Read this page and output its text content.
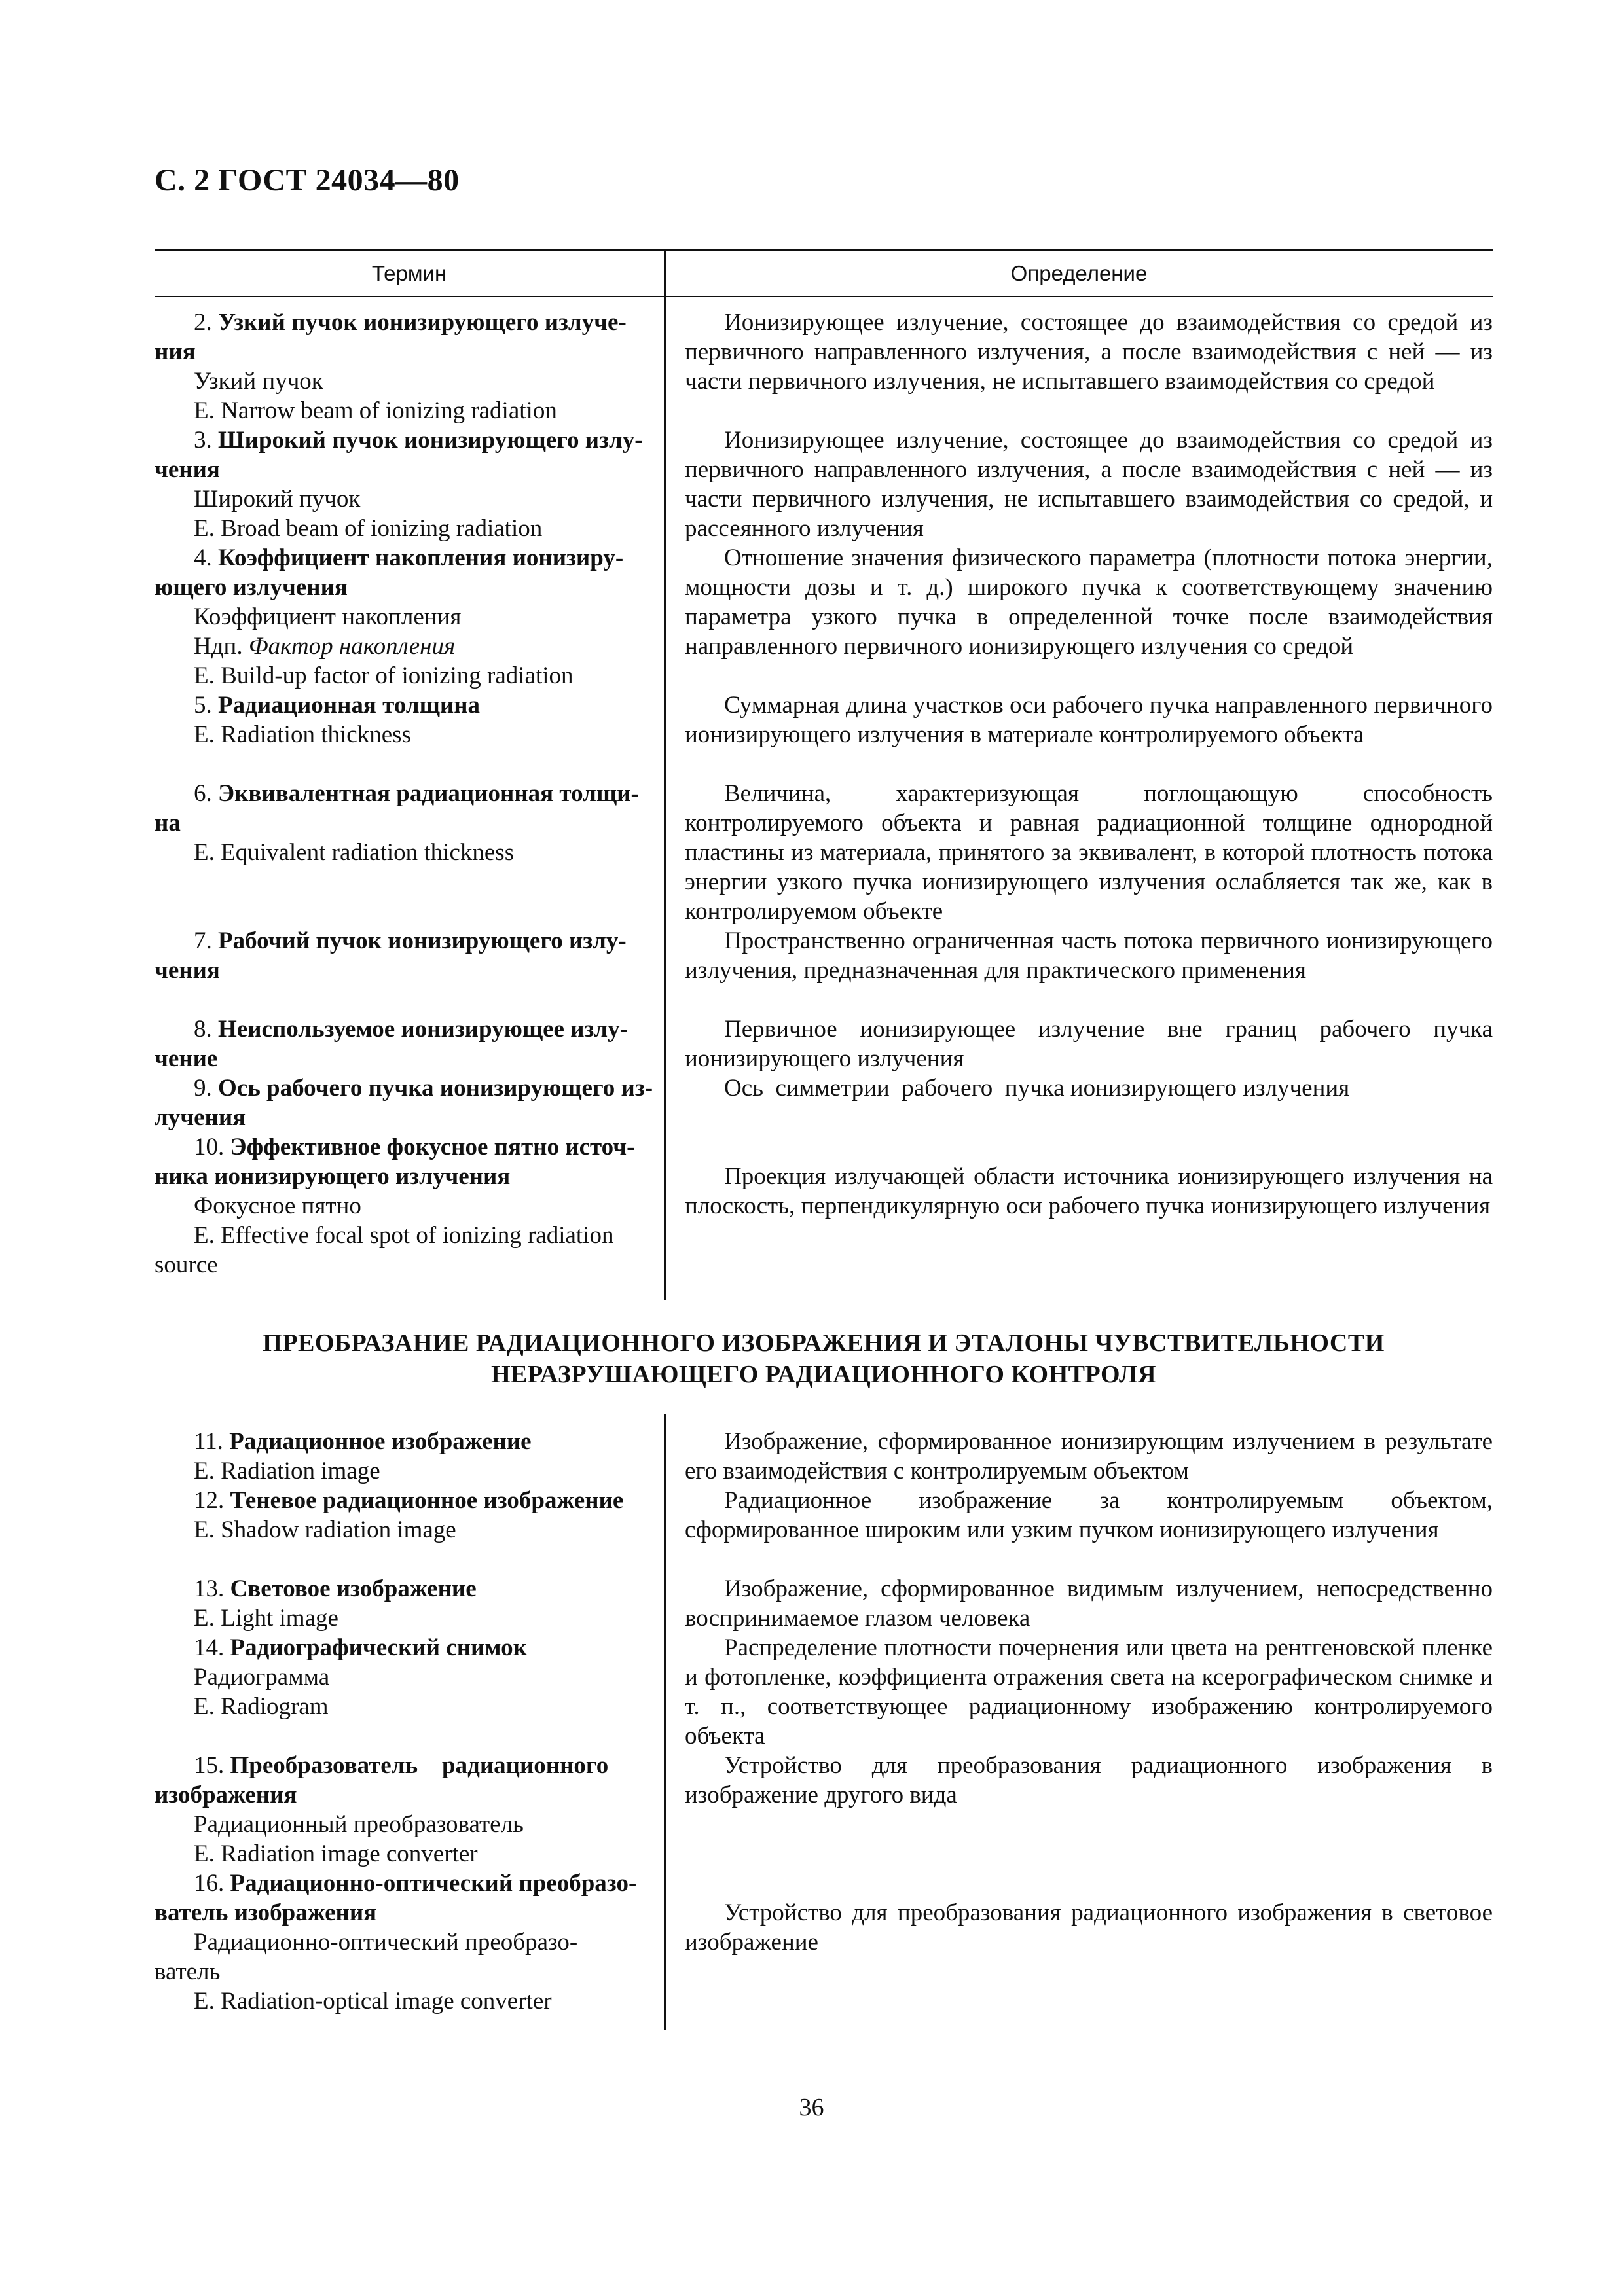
С. 2 ГОСТ 24034—80
Термин	Определение
2. Узкий пучок ионизирующего излуче-
ния
Узкий пучок
E. Narrow beam of ionizing radiation
Ионизирующее излучение, состоящее до взаимодействия со средой из первичного направленного излучения, а после взаимодействия с ней — из части первичного излучения, не испытавшего взаимодействия со средой
3. Широкий пучок ионизирующего излу-
чения
Широкий пучок
E. Broad beam of ionizing radiation
Ионизирующее излучение, состоящее до взаимодействия со средой из первичного направленного излучения, а после взаимодействия с ней — из части первичного излучения, не испытавшего взаимодействия со средой, и рассеянного излучения
4. Коэффициент накопления ионизиру-
ющего излучения
Коэффициент накопления
Ндп. Фактор накопления
E. Build-up factor of ionizing radiation
Отношение значения физического параметра (плотности потока энергии, мощности дозы и т. д.) широкого пучка к соответствующему значению параметра узкого пучка в определенной точке после взаимодействия направленного первичного ионизирующего излучения со средой
5. Радиационная толщина
E. Radiation thickness
Суммарная длина участков оси рабочего пучка направленного первичного ионизирующего излучения в материале контролируемого объекта
6. Эквивалентная радиационная толщи-
на
E. Equivalent radiation thickness
Величина, характеризующая поглощающую способность контролируемого объекта и равная радиационной толщине однородной пластины из материала, принятого за эквивалент, в которой плотность потока энергии узкого пучка ионизирующего излучения ослабляется так же, как в контролируемом объекте
7. Рабочий пучок ионизирующего излу-
чения
Пространственно ограниченная часть потока первичного ионизирующего излучения, предназначенная для практического применения
8. Неиспользуемое ионизирующее излу-
чение
Первичное ионизирующее излучение вне границ рабочего пучка ионизирующего излучения
9. Ось рабочего пучка ионизирующего из-
лучения
Ось  симметрии  рабочего  пучка ионизирующего излучения
10. Эффективное фокусное пятно источ-
ника ионизирующего излучения
Фокусное пятно
E. Effective focal spot of ionizing radiation
source
Проекция излучающей области источника ионизирующего излучения на плоскость, перпендикулярную оси рабочего пучка ионизирующего излучения
ПРЕОБРАЗАНИЕ РАДИАЦИОННОГО ИЗОБРАЖЕНИЯ И ЭТАЛОНЫ ЧУВСТВИТЕЛЬНОСТИ
НЕРАЗРУШАЮЩЕГО РАДИАЦИОННОГО КОНТРОЛЯ
11. Радиационное изображение
E. Radiation image
Изображение, сформированное ионизирующим излучением в результате его взаимодействия с контролируемым объектом
12. Теневое радиационное изображение
E. Shadow radiation image
Радиационное изображение за контролируемым объектом, сформированное широким или узким пучком ионизирующего излучения
13. Световое изображение
E. Light image
Изображение, сформированное видимым излучением, непосредственно воспринимаемое глазом человека
14. Радиографический снимок
Радиограмма
E. Radiogram
Распределение плотности почернения или цвета на рентгеновской пленке и фотопленке, коэффициента отражения света на ксерографическом снимке и т. п., соответствующее радиационному изображению контролируемого объекта
15. Преобразователь    радиационного
изображения
Радиационный преобразователь
E. Radiation image converter
Устройство для преобразования радиационного изображения в изображение другого вида
16. Радиационно-оптический преобразо-
ватель изображения
Радиационно-оптический преобразо-
ватель
E. Radiation-optical image converter
Устройство для преобразования радиационного изображения в световое изображение
36
